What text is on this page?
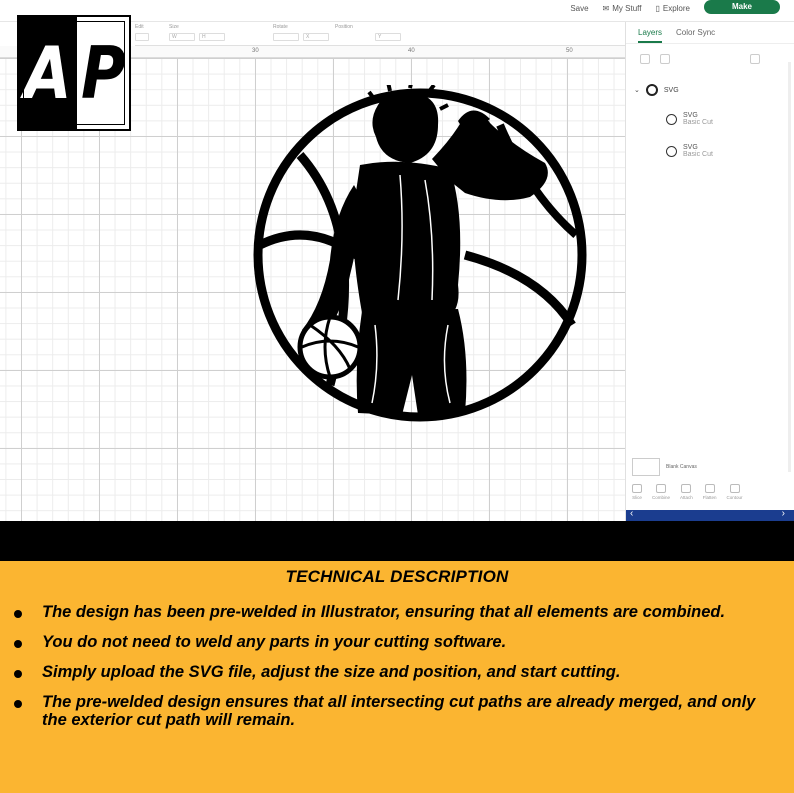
30	40	50
Save ✉ My Stuff ▯ Explore	Make
Edit	Size
W	H
Rotate
X
Position
Y
A P	Layers Color Sync
⌄	SVG
SVG
Basic Cut
SVG
Basic Cut
Blank Canvas
Slice Combine Attach Flatten Contour
‹	›
TECHNICAL DESCRIPTION
The design has been pre-welded in Illustrator, ensuring that all elements are combined.
You do not need to weld any parts in your cutting software.
Simply upload the SVG file, adjust the size and position, and start cutting.
The pre-welded design ensures that all intersecting cut paths are already merged, and only the exterior cut path will remain.
